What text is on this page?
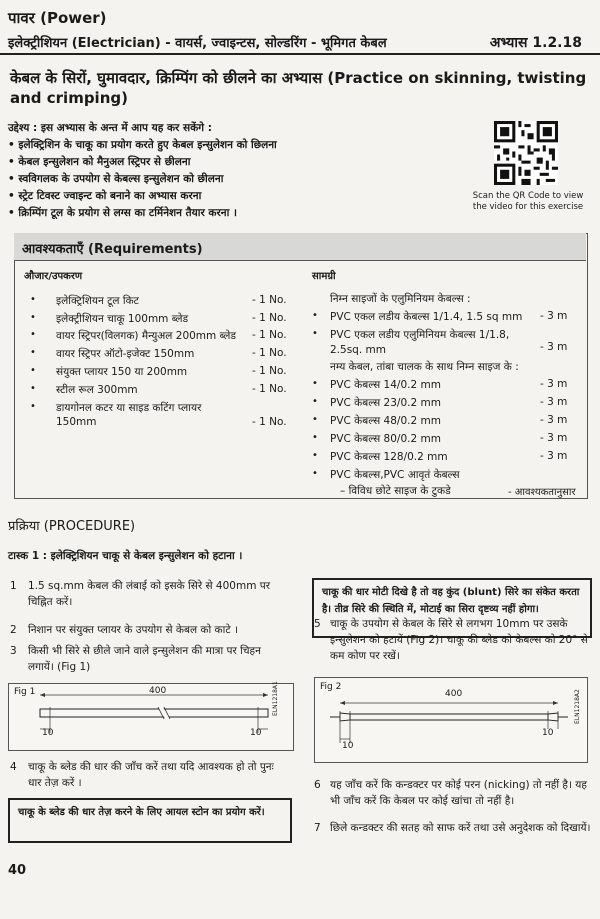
पावर (Power)
इलेक्ट्रीशियन (Electrician) - वायर्स, ज्वाइन्टस, सोल्डरिंग - भूमिगत केबल	अभ्यास 1.2.18
केबल के सिरों, घुमावदार, क्रिम्पिंग को छीलने का अभ्यास (Practice on skinning, twisting and crimping)
उद्देश्य : इस अभ्यास के अन्त में आप यह कर सकेंगे :
• इलेक्ट्रिशिन के चाकू का प्रयोग करते हुए केबल इन्सुलेशन को छिलना
• केबल इन्सुलेशन को मैनुअल स्ट्रिपर से छीलना
• स्वविगलक के उपयोग से केबल्स इन्सुलेशन को छीलना
• स्ट्रेट टिवस्ट ज्वाइन्ट को बनाने का अभ्यास करना
• क्रिम्पिंग टूल के प्रयोग से लग्स का टर्मिनेशन तैयार करना ।
Scan the QR Code to view the video for this exercise
आवश्यकताएँ (Requirements)
औजार/उपकरण	सामग्री
• इलेक्ट्रिशियन टूल किट	- 1 No.
• इलेक्ट्रीशियन चाकू 100mm ब्लेड	- 1 No.
• वायर स्ट्रिपर(विलगक) मैन्युअल 200mm ब्लेड - 1 No.
• वायर स्ट्रिपर ऑटो-इजेक्ट 150mm	- 1 No.
• संयुक्त प्लायर 150 या 200mm	- 1 No.
• स्टील रूल 300mm	- 1 No.
• डायगोनल कटर या साइड कटिंग प्लायर
150mm	- 1 No.
निम्न साइजों के एलुमिनियम केबल्स :
• PVC एकल लडीय केबल्स 1/1.4, 1.5 sq mm - 3 m
• PVC एकल लडीय एलुमिनियम केबल्स 1/1.8,
2.5sq. mm	- 3 m
नम्य केबल, तांबा चालक के साथ निम्न साइज के :
• PVC केबल्स 14/0.2 mm	- 3 m
• PVC केबल्स 23/0.2 mm	- 3 m
• PVC केबल्स 48/0.2 mm	- 3 m
• PVC केबल्स 80/0.2 mm	- 3 m
• PVC केबल्स 128/0.2 mm	- 3 m
• PVC केबल्स,PVC आवृतं केबल्स
– विविध छोटे साइज के टुकडे	- आवश्यकतानुसार
प्रक्रिया (PROCEDURE)
टास्क 1 : इलेक्ट्रिशियन चाकू से केबल इन्सुलेशन को हटाना ।
1 1.5 sq.mm केबल की लंबाई को इसके सिरे से 400mm पर चिह्नित करें।
2 निशान पर संयुक्त प्लायर के उपयोग से केबल को काटे ।
3 किसी भी सिरे से छीले जाने वाले इन्सुलेशन की मात्रा पर चिहन लगायें। (Fig 1)
Fig 1	400
10	10
ELN1218A1
4 चाकू के ब्लेड की धार की जाँच करें तथा यदि आवश्यक हो तो पुनः धार तेज़ करें ।
चाकू के ब्लेड की धार तेज़ करने के लिए आयल स्टोन का प्रयोग करें।
चाकू की धार मोटी दिखे है तो वह कुंद (blunt) सिरे का संकेत करता है। तीव्र सिरे की स्थिति में, मोटाई का सिरा दृष्टव्य नहीं होगा।
5 चाकू के उपयोग से केबल के सिरे से लगभग 10mm पर उसके इन्सुलेशन को हटायें (Fig 2)। चाकू की ब्लेड को केबल्स को 20° से कम कोण पर रखें।
Fig 2
400
10
10
ELN1218A2
6 यह जाँच करें कि कन्डक्टर पर कोई परन (nicking) तो नहीं है। यह भी जाँच करें कि केबल पर कोई खांचा तो नहीं है।
7 छिले कन्डक्टर की सतह को साफ करें तथा उसे अनुदेशक को दिखायें।
40
